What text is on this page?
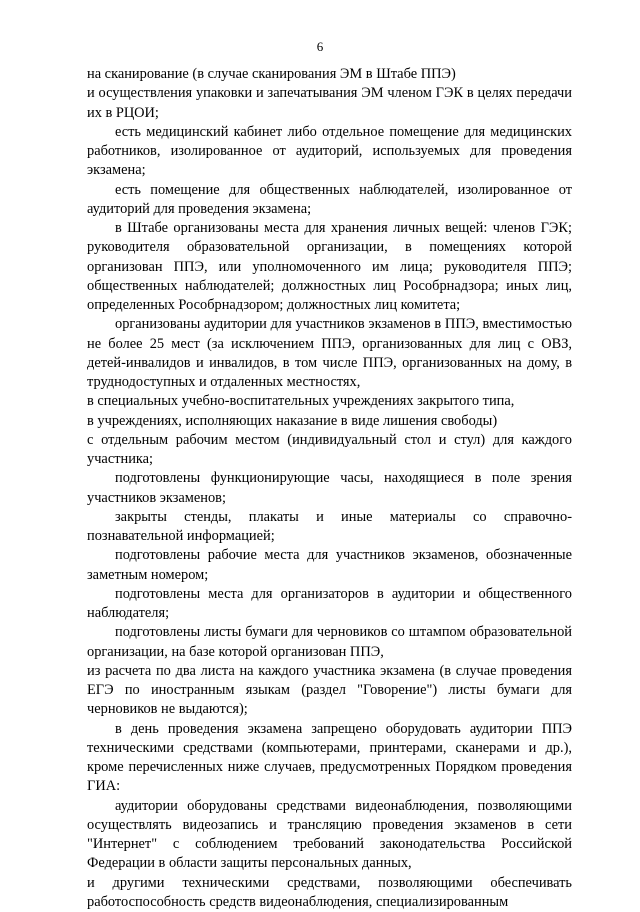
6

на сканирование (в случае сканирования ЭМ в Штабе ППЭ)
и осуществления упаковки и запечатывания ЭМ членом ГЭК в целях передачи их в РЦОИ;

есть медицинский кабинет либо отдельное помещение для медицинских работников, изолированное от аудиторий, используемых для проведения экзамена;

есть помещение для общественных наблюдателей, изолированное от аудиторий для проведения экзамена;

в Штабе организованы места для хранения личных вещей: членов ГЭК; руководителя образовательной организации, в помещениях которой организован ППЭ, или уполномоченного им лица; руководителя ППЭ; общественных наблюдателей; должностных лиц Рособрнадзора; иных лиц, определенных Рособрнадзором; должностных лиц комитета;

организованы аудитории для участников экзаменов в ППЭ, вместимостью не более 25 мест (за исключением ППЭ, организованных для лиц с ОВЗ, детей-инвалидов и инвалидов, в том числе ППЭ, организованных на дому, в труднодоступных и отдаленных местностях,
в специальных учебно-воспитательных учреждениях закрытого типа,
в учреждениях, исполняющих наказание в виде лишения свободы)
с отдельным рабочим местом (индивидуальный стол и стул) для каждого участника;

подготовлены функционирующие часы, находящиеся в поле зрения участников экзаменов;

закрыты стенды, плакаты и иные материалы со справочно-познавательной информацией;

подготовлены рабочие места для участников экзаменов, обозначенные заметным номером;

подготовлены места для организаторов в аудитории и общественного наблюдателя;

подготовлены листы бумаги для черновиков со штампом образовательной организации, на базе которой организован ППЭ,
из расчета по два листа на каждого участника экзамена (в случае проведения ЕГЭ по иностранным языкам (раздел "Говорение") листы бумаги для черновиков не выдаются);

в день проведения экзамена запрещено оборудовать аудитории ППЭ техническими средствами (компьютерами, принтерами, сканерами и др.), кроме перечисленных ниже случаев, предусмотренных Порядком проведения ГИА:

аудитории оборудованы средствами видеонаблюдения, позволяющими осуществлять видеозапись и трансляцию проведения экзаменов в сети "Интернет" с соблюдением требований законодательства Российской Федерации в области защиты персональных данных,
и другими техническими средствами, позволяющими обеспечивать работоспособность средств видеонаблюдения, специализированным
